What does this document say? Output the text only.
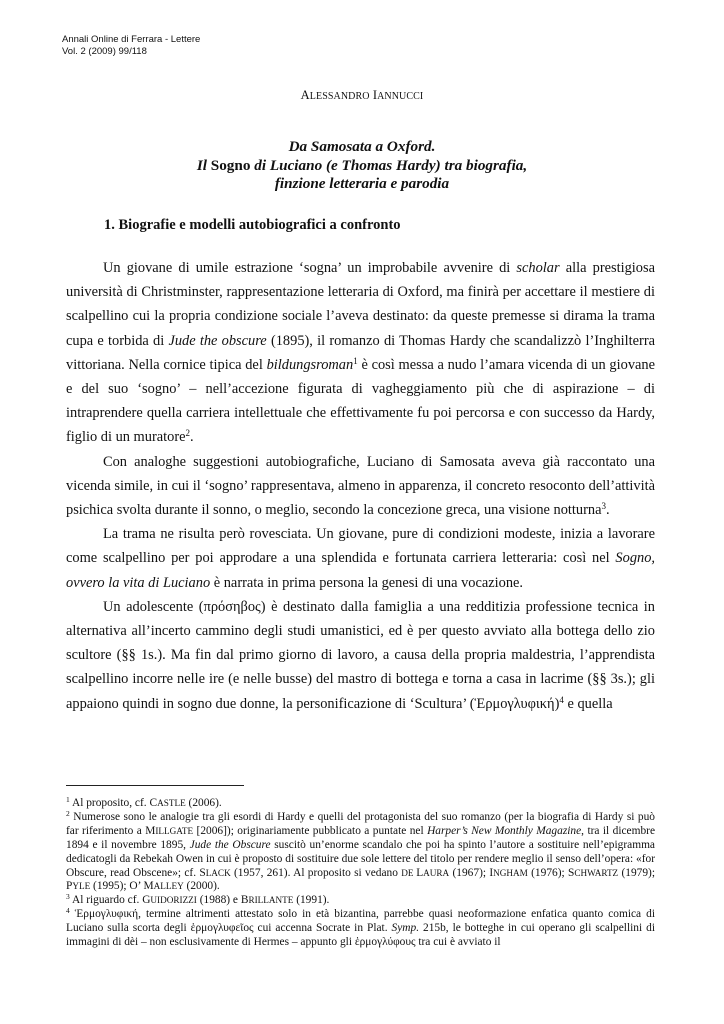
Annali Online di Ferrara - Lettere
Vol. 2 (2009) 99/118
ALESSANDRO IANNUCCI
Da Samosata a Oxford.
Il Sogno di Luciano (e Thomas Hardy) tra biografia,
finzione letteraria e parodia
1. Biografie e modelli autobiografici a confronto

Un giovane di umile estrazione ‘sogna’ un improbabile avvenire di scholar alla prestigiosa università di Christminster, rappresentazione letteraria di Oxford, ma finirà per accettare il mestiere di scalpellino cui la propria condizione sociale l’aveva destinato: da queste premesse si dirama la trama cupa e torbida di Jude the obscure (1895), il romanzo di Thomas Hardy che scandalizzò l’Inghilterra vittoriana. Nella cornice tipica del bildungsroman$^1$ è così messa a nudo l’amara vicenda di un giovane e del suo ‘sogno’ – nell’accezione figurata di vagheggiamento più che di aspirazione – di intraprendere quella carriera intellettuale che effettivamente fu poi percorsa e con successo da Hardy, figlio di un muratore$^2$.

Con analoghe suggestioni autobiografiche, Luciano di Samosata aveva già raccontato una vicenda simile, in cui il ‘sogno’ rappresentava, almeno in apparenza, il concreto resoconto dell’attività psichica svolta durante il sonno, o meglio, secondo la concezione greca, una visione notturna$^3$.

La trama ne risulta però rovesciata. Un giovane, pure di condizioni modeste, inizia a lavorare come scalpellino per poi approdare a una splendida e fortunata carriera letteraria: così nel Sogno, ovvero la vita di Luciano è narrata in prima persona la genesi di una vocazione.

Un adolescente (πρόσηβος) è destinato dalla famiglia a una redditizia professione tecnica in alternativa all’incerto cammino degli studi umanistici, ed è per questo avviato alla bottega dello zio scultore (§§ 1s.). Ma fin dal primo giorno di lavoro, a causa della propria maldestria, l’apprendista scalpellino incorre nelle ire (e nelle busse) del mastro di bottega e torna a casa in lacrime (§§ 3s.); gli appaiono quindi in sogno due donne, la personificazione di ‘Scultura’ (Ἑρμογλυφική)$^4$ e quella

$^1$ Al proposito, cf. CASTLE (2006).

$^2$ Numerose sono le analogie tra gli esordi di Hardy e quelli del protagonista del suo romanzo (per la biografia di Hardy si può far riferimento a MILLGATE [2006]); originariamente pubblicato a puntate nel Harper’s New Monthly Magazine, tra il dicembre 1894 e il novembre 1895, Jude the Obscure suscitò un’enorme scandalo che poi ha spinto l’autore a sostituire nell’epigramma dedicatogli da Rebekah Owen in cui è proposto di sostituire due sole lettere del titolo per rendere meglio il senso dell’opera: «for Obscure, read Obscene»; cf. SLACK (1957, 261). Al proposito si vedano DE LAURA (1967); INGHAM (1976); SCHWARTZ (1979); PYLE (1995); O’ MALLEY (2000).

$^3$ Al riguardo cf. GUIDORIZZI (1988) e BRILLANTE (1991).

$^4$ Ἑρμογλυφική, termine altrimenti attestato solo in età bizantina, parrebbe quasi neoformazione enfatica quanto comica di Luciano sulla scorta degli ἑρμογλυφεῖος cui accenna Socrate in Plat. Symp. 215b, le botteghe in cui operano gli scalpellini di immagini di dèi – non esclusivamente di Hermes – appunto gli ἑρμογλύφους tra cui è avviato il
